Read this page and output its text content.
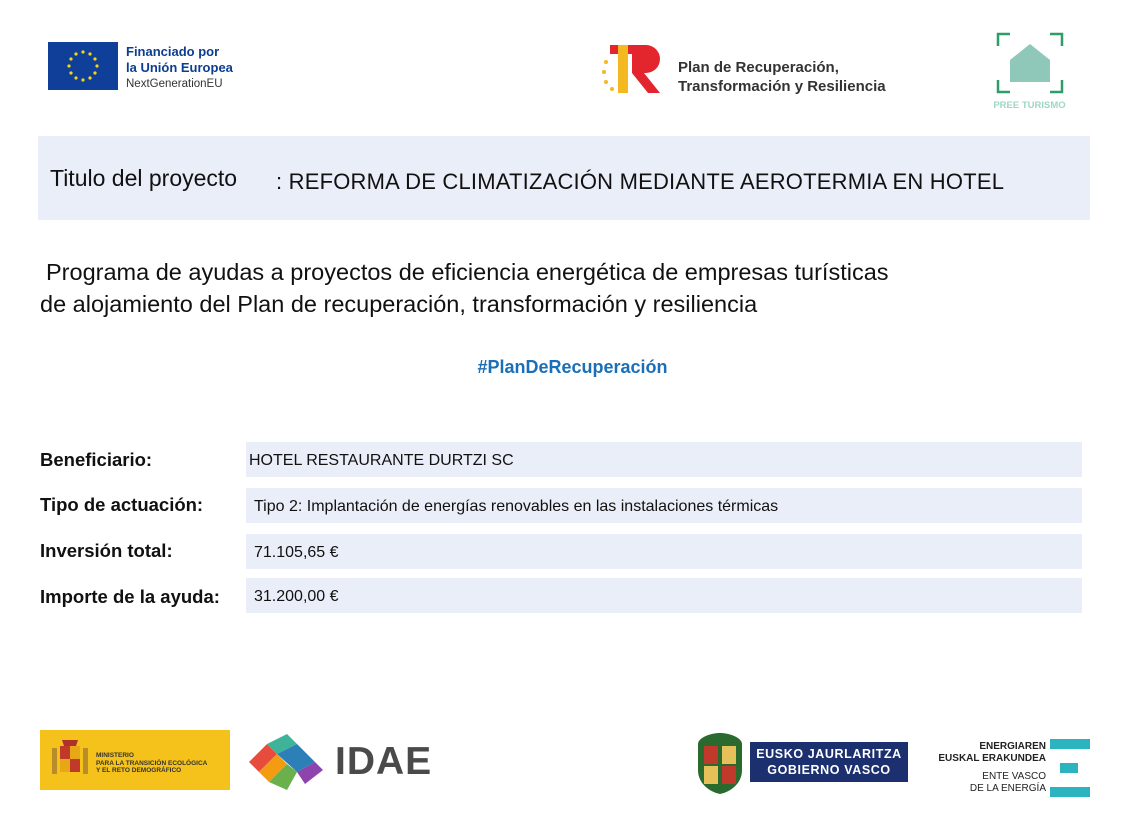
Financiado por
la Unión Europea
NextGenerationEU
Plan de Recuperación,
Transformación y Resiliencia
PREE TURISMO
Titulo del proyecto : REFORMA DE CLIMATIZACIÓN MEDIANTE AEROTERMIA EN HOTEL
Programa de ayudas a proyectos de eficiencia energética de empresas turísticas
de alojamiento del Plan de recuperación, transformación y resiliencia
#PlanDeRecuperación
Beneficiario:	HOTEL RESTAURANTE DURTZI SC
Tipo de actuación:	Tipo 2: Implantación de energías renovables en las instalaciones térmicas
Inversión total:	71.105,65 €
Importe de la ayuda: 31.200,00 €
MINISTERIO
PARA LA TRANSICIÓN ECOLÓGICA
Y EL RETO DEMOGRÁFICO	IDAE	EUSKO JAURLARITZA
GOBIERNO VASCO
ENERGIAREN
EUSKAL ERAKUNDEA
ENTE VASCO
DE LA ENERGÍA
